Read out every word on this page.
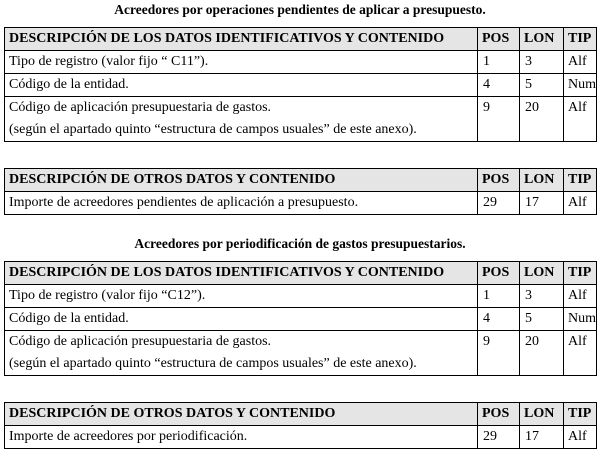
Acreedores por operaciones pendientes de aplicar a presupuesto.
DESCRIPCIÓN DE LOS DATOS IDENTIFICATIVOS Y CONTENIDO	POS	LON	TIP
Tipo de registro (valor fijo “ C11”).	1	3	Alf
Código de la entidad.	4	5	Num

Código de aplicación presupuestaria de gastos.
(según el apartado quinto “estructura de campos usuales” de este anexo).	9	20	Alf
DESCRIPCIÓN DE OTROS DATOS Y CONTENIDO	POS	LON	TIP
Importe de acreedores pendientes de aplicación a presupuesto.	29	17	Alf
Acreedores por periodificación de gastos presupuestarios.
DESCRIPCIÓN DE LOS DATOS IDENTIFICATIVOS Y CONTENIDO	POS	LON	TIP
Tipo de registro (valor fijo “C12”).	1	3	Alf
Código de la entidad.	4	5	Num

Código de aplicación presupuestaria de gastos.
(según el apartado quinto “estructura de campos usuales” de este anexo).	9	20	Alf
DESCRIPCIÓN DE OTROS DATOS Y CONTENIDO	POS	LON	TIP
Importe de acreedores por periodificación.	29	17	Alf
